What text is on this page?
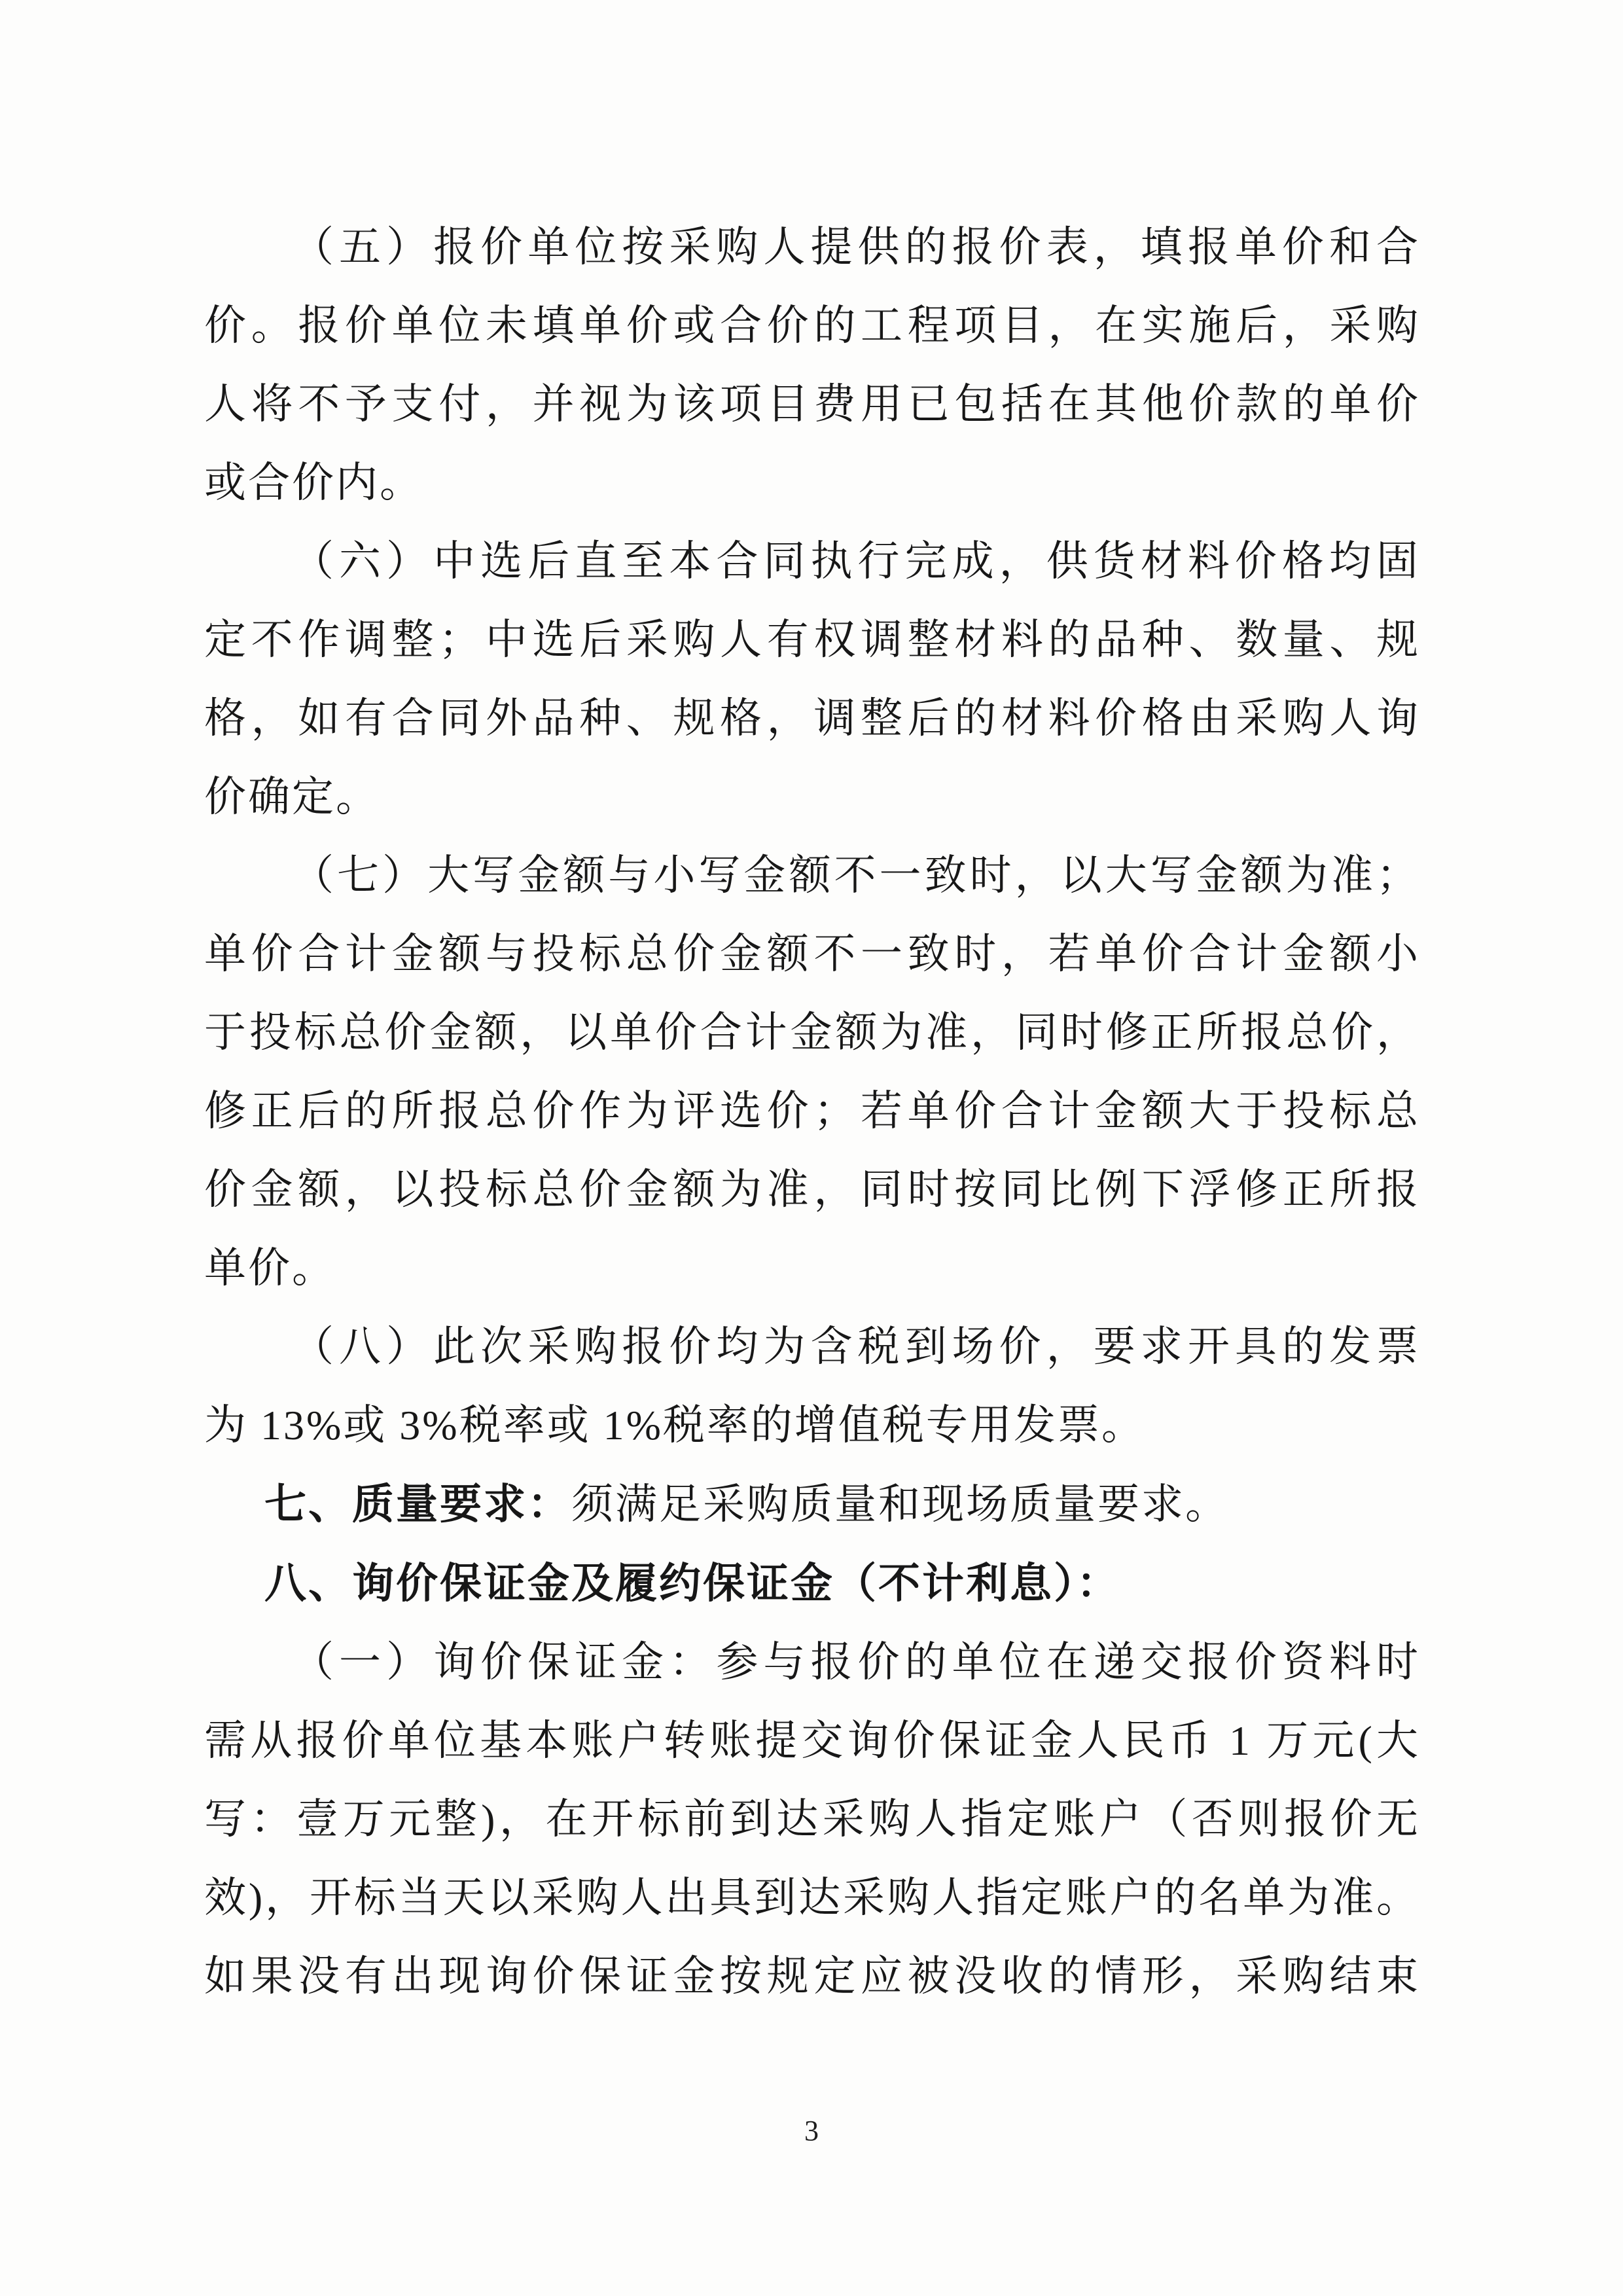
（五）报价单位按采购人提供的报价表，填报单价和合
价。报价单位未填单价或合价的工程项目，在实施后，采购
人将不予支付，并视为该项目费用已包括在其他价款的单价
或合价内。
（六）中选后直至本合同执行完成，供货材料价格均固
定不作调整；中选后采购人有权调整材料的品种、数量、规
格，如有合同外品种、规格，调整后的材料价格由采购人询
价确定。
（七）大写金额与小写金额不一致时，以大写金额为准；
单价合计金额与投标总价金额不一致时，若单价合计金额小
于投标总价金额，以单价合计金额为准，同时修正所报总价，
修正后的所报总价作为评选价；若单价合计金额大于投标总
价金额，以投标总价金额为准，同时按同比例下浮修正所报
单价。
（八）此次采购报价均为含税到场价，要求开具的发票
为 13%或 3%税率或 1%税率的增值税专用发票。
七、质量要求：须满足采购质量和现场质量要求。
八、询价保证金及履约保证金（不计利息）：
（一）询价保证金：参与报价的单位在递交报价资料时
需从报价单位基本账户转账提交询价保证金人民币 1 万元(大
写：壹万元整)，在开标前到达采购人指定账户（否则报价无
效)，开标当天以采购人出具到达采购人指定账户的名单为准。
如果没有出现询价保证金按规定应被没收的情形，采购结束
3
